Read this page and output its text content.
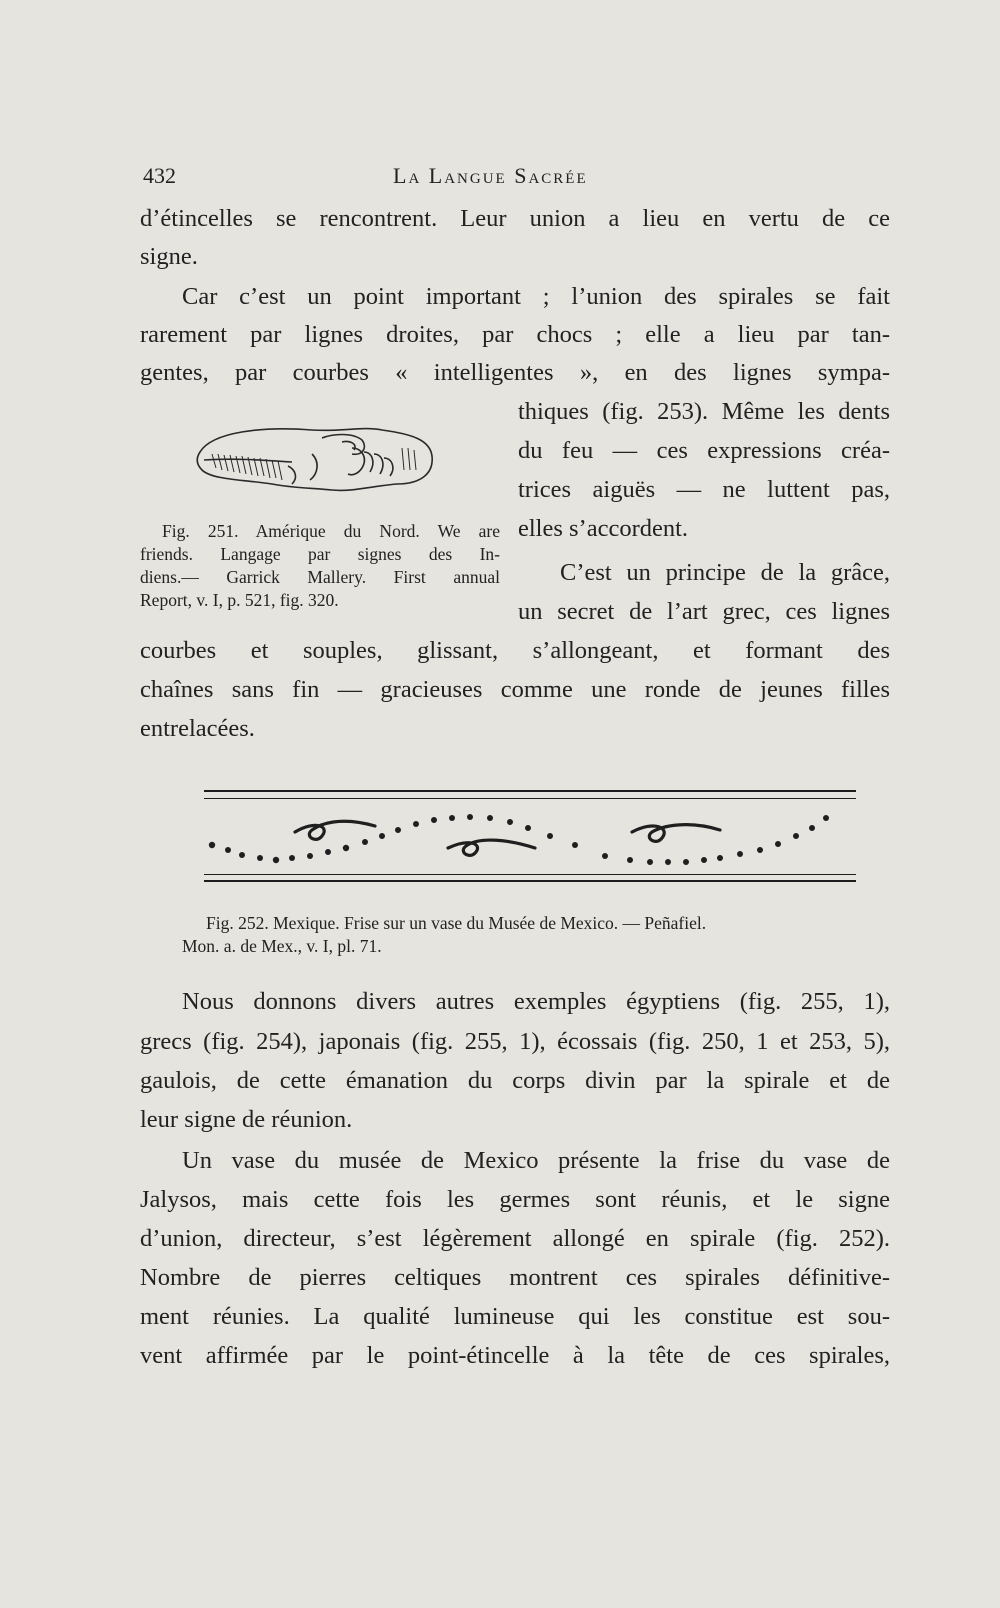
432	La Langue Sacrée
d’étincelles se rencontrent. Leur union a lieu en vertu de ce
signe.
Car c’est un point important ; l’union des spirales se fait
rarement par lignes droites, par chocs ; elle a lieu par tan-
gentes, par courbes « intelligentes », en des lignes sympa-
thiques (fig. 253). Même les dents
du feu — ces expressions créa-
trices aiguës — ne luttent pas,
elles s’accordent.
Fig. 251. Amérique du Nord. We are
friends. Langage par signes des In-
diens.— Garrick Mallery. First annual
Report, v. I, p. 521, fig. 320.
C’est un principe de la grâce,
un secret de l’art grec, ces lignes
courbes et souples, glissant, s’allongeant, et formant des
chaînes sans fin — gracieuses comme une ronde de jeunes filles
entrelacées.
Fig. 252. Mexique. Frise sur un vase du Musée de Mexico. — Peñafiel.
Mon. a. de Mex., v. I, pl. 71.
Nous donnons divers autres exemples égyptiens (fig. 255, 1),
grecs (fig. 254), japonais (fig. 255, 1), écossais (fig. 250, 1 et 253, 5),
gaulois, de cette émanation du corps divin par la spirale et de
leur signe de réunion.
Un vase du musée de Mexico présente la frise du vase de
Jalysos, mais cette fois les germes sont réunis, et le signe
d’union, directeur, s’est légèrement allongé en spirale (fig. 252).
Nombre de pierres celtiques montrent ces spirales définitive-
ment réunies. La qualité lumineuse qui les constitue est sou-
vent affirmée par le point-étincelle à la tête de ces spirales,
